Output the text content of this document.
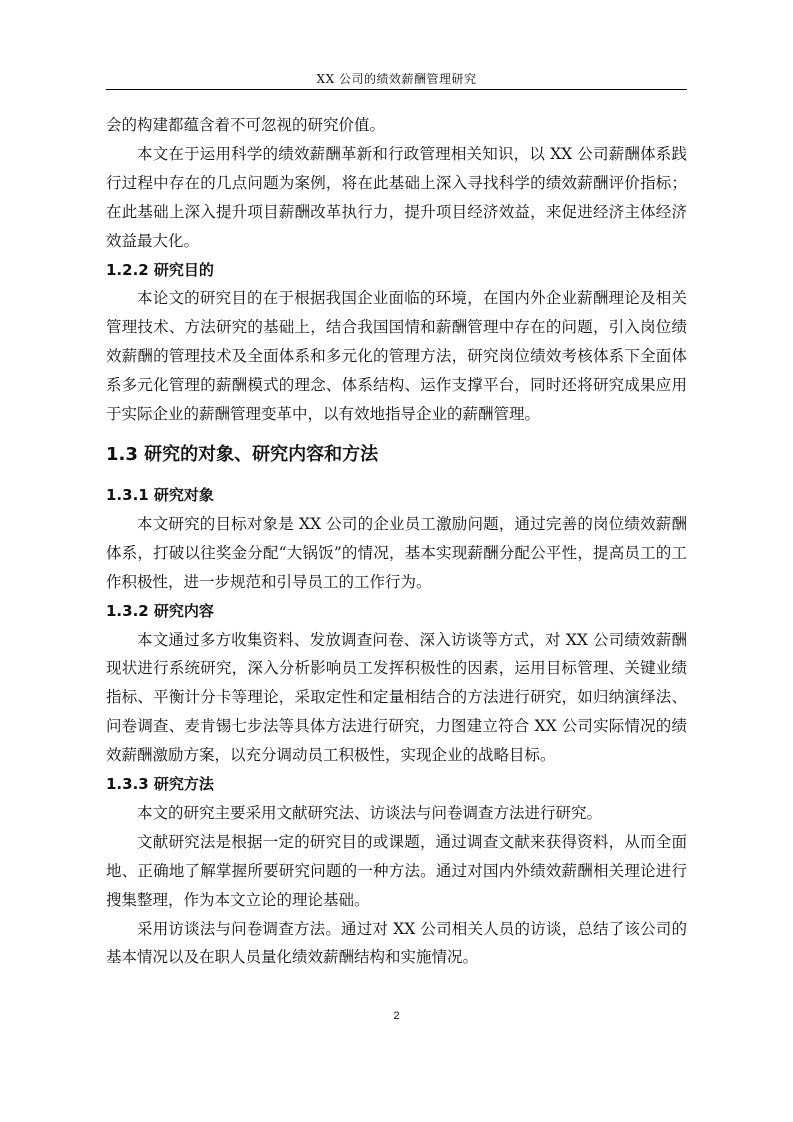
XX 公司的绩效薪酬管理研究

会的构建都蕴含着不可忽视的研究价值。

本文在于运用科学的绩效薪酬革新和行政管理相关知识，以 XX 公司薪酬体系践行过程中存在的几点问题为案例，将在此基础上深入寻找科学的绩效薪酬评价指标；在此基础上深入提升项目薪酬改革执行力，提升项目经济效益，来促进经济主体经济效益最大化。

1.2.2 研究目的

本论文的研究目的在于根据我国企业面临的环境，在国内外企业薪酬理论及相关管理技术、方法研究的基础上，结合我国国情和薪酬管理中存在的问题，引入岗位绩效薪酬的管理技术及全面体系和多元化的管理方法，研究岗位绩效考核体系下全面体系多元化管理的薪酬模式的理念、体系结构、运作支撑平台，同时还将研究成果应用于实际企业的薪酬管理变革中，以有效地指导企业的薪酬管理。

1.3 研究的对象、研究内容和方法
1.3.1 研究对象

本文研究的目标对象是 XX 公司的企业员工激励问题，通过完善的岗位绩效薪酬体系，打破以往奖金分配“大锅饭”的情况，基本实现薪酬分配公平性，提高员工的工作积极性，进一步规范和引导员工的工作行为。

1.3.2 研究内容

本文通过多方收集资料、发放调查问卷、深入访谈等方式，对 XX 公司绩效薪酬现状进行系统研究，深入分析影响员工发挥积极性的因素，运用目标管理、关键业绩指标、平衡计分卡等理论，采取定性和定量相结合的方法进行研究，如归纳演绎法、问卷调查、麦肯锡七步法等具体方法进行研究，力图建立符合 XX 公司实际情况的绩效薪酬激励方案，以充分调动员工积极性，实现企业的战略目标。

1.3.3 研究方法

本文的研究主要采用文献研究法、访谈法与问卷调查方法进行研究。

文献研究法是根据一定的研究目的或课题，通过调查文献来获得资料，从而全面地、正确地了解掌握所要研究问题的一种方法。通过对国内外绩效薪酬相关理论进行搜集整理，作为本文立论的理论基础。

采用访谈法与问卷调查方法。通过对 XX 公司相关人员的访谈，总结了该公司的基本情况以及在职人员量化绩效薪酬结构和实施情况。

2
